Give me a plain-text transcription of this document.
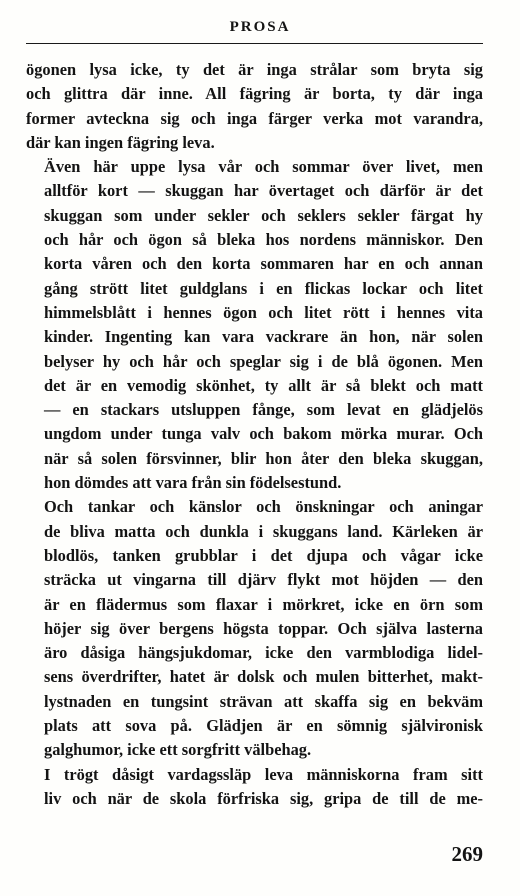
PROSA

ögonen lysa icke, ty det är inga strålar som bryta sig
och glittra där inne. All fägring är borta, ty där inga
former avteckna sig och inga färger verka mot varandra,
där kan ingen fägring leva.

Även här uppe lysa vår och sommar över livet, men
alltför kort — skuggan har övertaget och därför är det
skuggan som under sekler och seklers sekler färgat hy
och hår och ögon så bleka hos nordens människor. Den
korta våren och den korta sommaren har en och annan
gång strött litet guldglans i en flickas lockar och litet
himmelsblått i hennes ögon och litet rött i hennes vita
kinder. Ingenting kan vara vackrare än hon, när solen
belyser hy och hår och speglar sig i de blå ögonen. Men
det är en vemodig skönhet, ty allt är så blekt och matt
— en stackars utsluppen fånge, som levat en glädjelös
ungdom under tunga valv och bakom mörka murar. Och
när så solen försvinner, blir hon åter den bleka skuggan,
hon dömdes att vara från sin födelsestund.

Och tankar och känslor och önskningar och aningar
de bliva matta och dunkla i skuggans land. Kärleken är
blodlös, tanken grubblar i det djupa och vågar icke
sträcka ut vingarna till djärv flykt mot höjden — den
är en flädermus som flaxar i mörkret, icke en örn som
höjer sig över bergens högsta toppar. Och själva lasterna
äro dåsiga hängsjukdomar, icke den varmblodiga lidel-
sens överdrifter, hatet är dolsk och mulen bitterhet, makt-
lystnaden en tungsint strävan att skaffa sig en bekväm
plats att sova på. Glädjen är en sömnig självironisk
galghumor, icke ett sorgfritt välbehag.

I trögt dåsigt vardagssläp leva människorna fram sitt
liv och när de skola förfriska sig, gripa de till de me-

269
